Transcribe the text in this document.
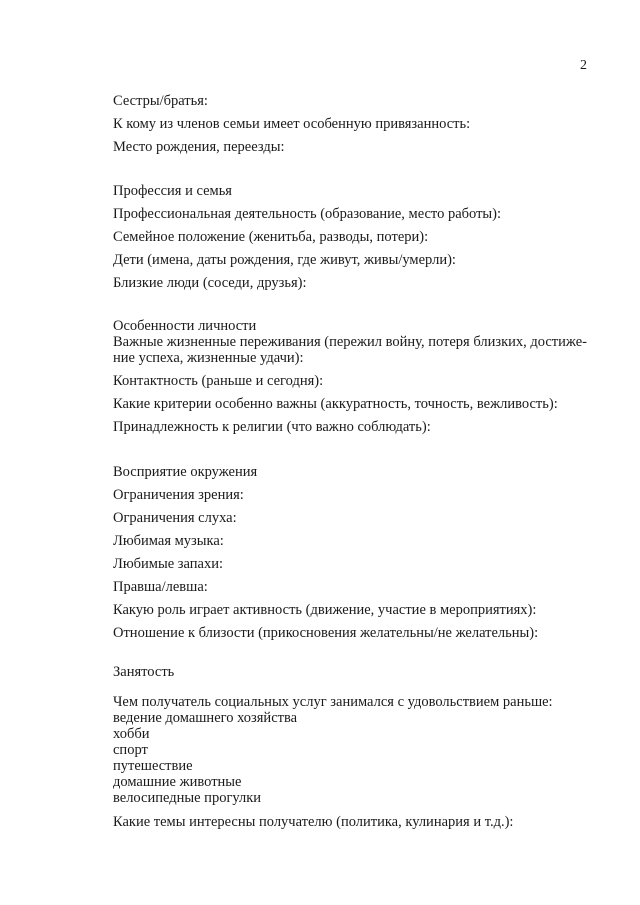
2
Сестры/братья:
К кому из членов семьи имеет особенную привязанность:
Место рождения, переезды:
Профессия и семья
Профессиональная деятельность (образование, место работы):
Семейное положение (женитьба, разводы, потери):
Дети (имена, даты рождения, где живут, живы/умерли):
Близкие люди (соседи, друзья):
Особенности личности
Важные жизненные переживания (пережил войну, потеря близких, достиже-
ние успеха, жизненные удачи):
Контактность (раньше и сегодня):
Какие критерии особенно важны (аккуратность, точность, вежливость):
Принадлежность к религии (что важно соблюдать):
Восприятие окружения
Ограничения зрения:
Ограничения слуха:
Любимая музыка:
Любимые запахи:
Правша/левша:
Какую роль играет активность (движение, участие в мероприятиях):
Отношение к близости (прикосновения желательны/не желательны):
Занятость
Чем получатель социальных услуг занимался с удовольствием раньше:
ведение домашнего хозяйства
хобби
спорт
путешествие
домашние животные
велосипедные прогулки
Какие темы интересны получателю (политика, кулинария и т.д.):
